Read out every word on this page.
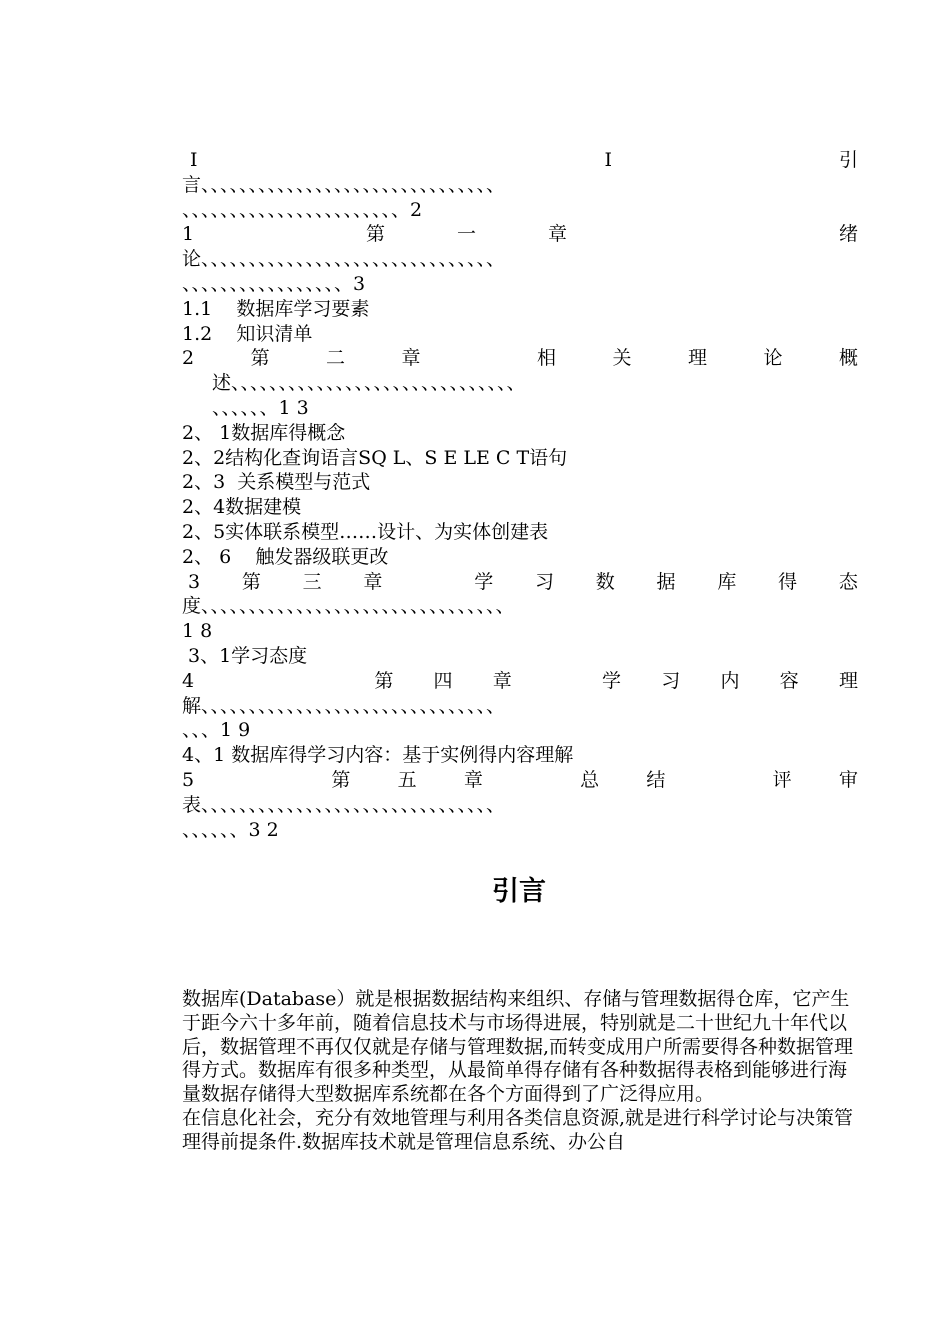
I	I	引
言、、、、、、、、、、、、、、、、、、、、、、、、、、、、、、、
、、、、、、、、、、、、、、、、、、、、、、、2
1	第	一	章	绪
论、、、、、、、、、、、、、、、、、、、、、、、、、、、、、、、
、、、、、、、、、、、、、、、、、3
1.1    数据库学习要素
1.2    知识清单
2	第	二	章	相	关	理	论	概
述、、、、、、、、、、、、、、、、、、、、、、、、、、、、、、
、、、、、、1 3
2、 1数据库得概念
2、2结构化查询语言SQ L、S E LE C T语句
2、3  关系模型与范式
2、4数据建模
2、5实体联系模型……设计、为实体创建表
2、 6    触发器级联更改
3 第 三 章	学 习 数 据 库 得 态
度、、、、、、、、、、、、、、、、、、、、、、、、、、、、、、、、
1 8
3、1学习态度
4	第 四 章	学 习 内 容 理
解、、、、、、、、、、、、、、、、、、、、、、、、、、、、、、、
、、、1 9
4、1 数据库得学习内容：基于实例得内容理解
5	第 五 章	总 结	评 审
表、、、、、、、、、、、、、、、、、、、、、、、、、、、、、、、
、、、、、、3 2
引言

数据库(Database）就是根据数据结构来组织、存储与管理数据得仓库，它产生于距今六十多年前，随着信息技术与市场得进展，特别就是二十世纪九十年代以后，数据管理不再仅仅就是存储与管理数据,而转变成用户所需要得各种数据管理得方式。数据库有很多种类型，从最简单得存储有各种数据得表格到能够进行海量数据存储得大型数据库系统都在各个方面得到了广泛得应用。

在信息化社会，充分有效地管理与利用各类信息资源,就是进行科学讨论与决策管理得前提条件.数据库技术就是管理信息系统、办公自
